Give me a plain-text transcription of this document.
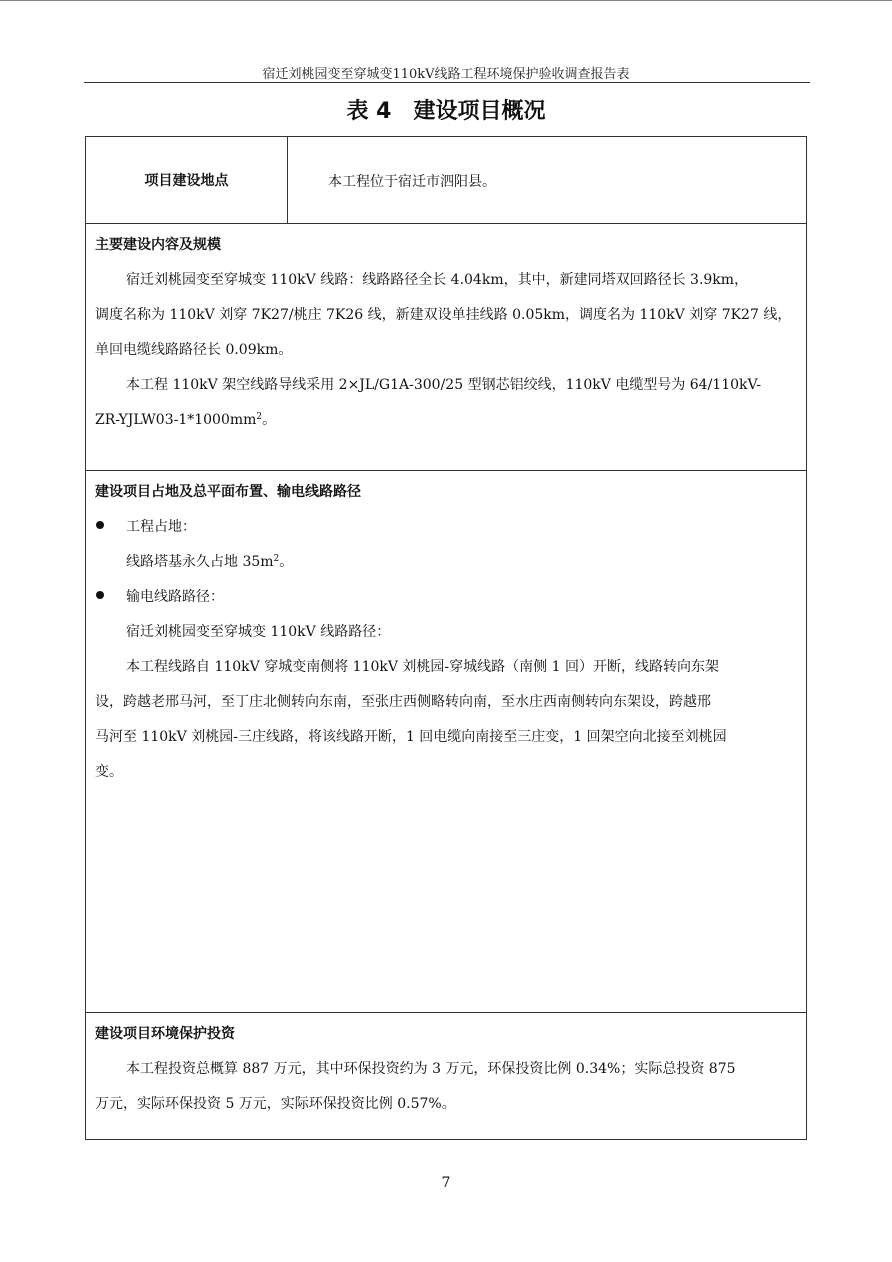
宿迁刘桃园变至穿城变110kV线路工程环境保护验收调查报告表
表 4　建设项目概况
项目建设地点	本工程位于宿迁市泗阳县。
主要建设内容及规模
宿迁刘桃园变至穿城变 110kV 线路：线路路径全长 4.04km，其中，新建同塔双回路径长 3.9km，
调度名称为 110kV 刘穿 7K27/桃庄 7K26 线，新建双设单挂线路 0.05km，调度名为 110kV 刘穿 7K27 线，
单回电缆线路路径长 0.09km。
本工程 110kV 架空线路导线采用 2×JL/G1A-300/25 型钢芯铝绞线，110kV 电缆型号为 64/110kV-
$ZR-YJLW03-1*1000mm^2$。
建设项目占地及总平面布置、输电线路路径
工程占地：
线路塔基永久占地 $35m^2$。
输电线路路径：
宿迁刘桃园变至穿城变 110kV 线路路径：
本工程线路自 110kV 穿城变南侧将 110kV 刘桃园-穿城线路（南侧 1 回）开断，线路转向东架
设，跨越老邢马河，至丁庄北侧转向东南，至张庄西侧略转向南，至水庄西南侧转向东架设，跨越邢
马河至 110kV 刘桃园-三庄线路，将该线路开断，1 回电缆向南接至三庄变，1 回架空向北接至刘桃园
变。
建设项目环境保护投资
本工程投资总概算 887 万元，其中环保投资约为 3 万元，环保投资比例 0.34%；实际总投资 875
万元，实际环保投资 5 万元，实际环保投资比例 0.57%。
7
